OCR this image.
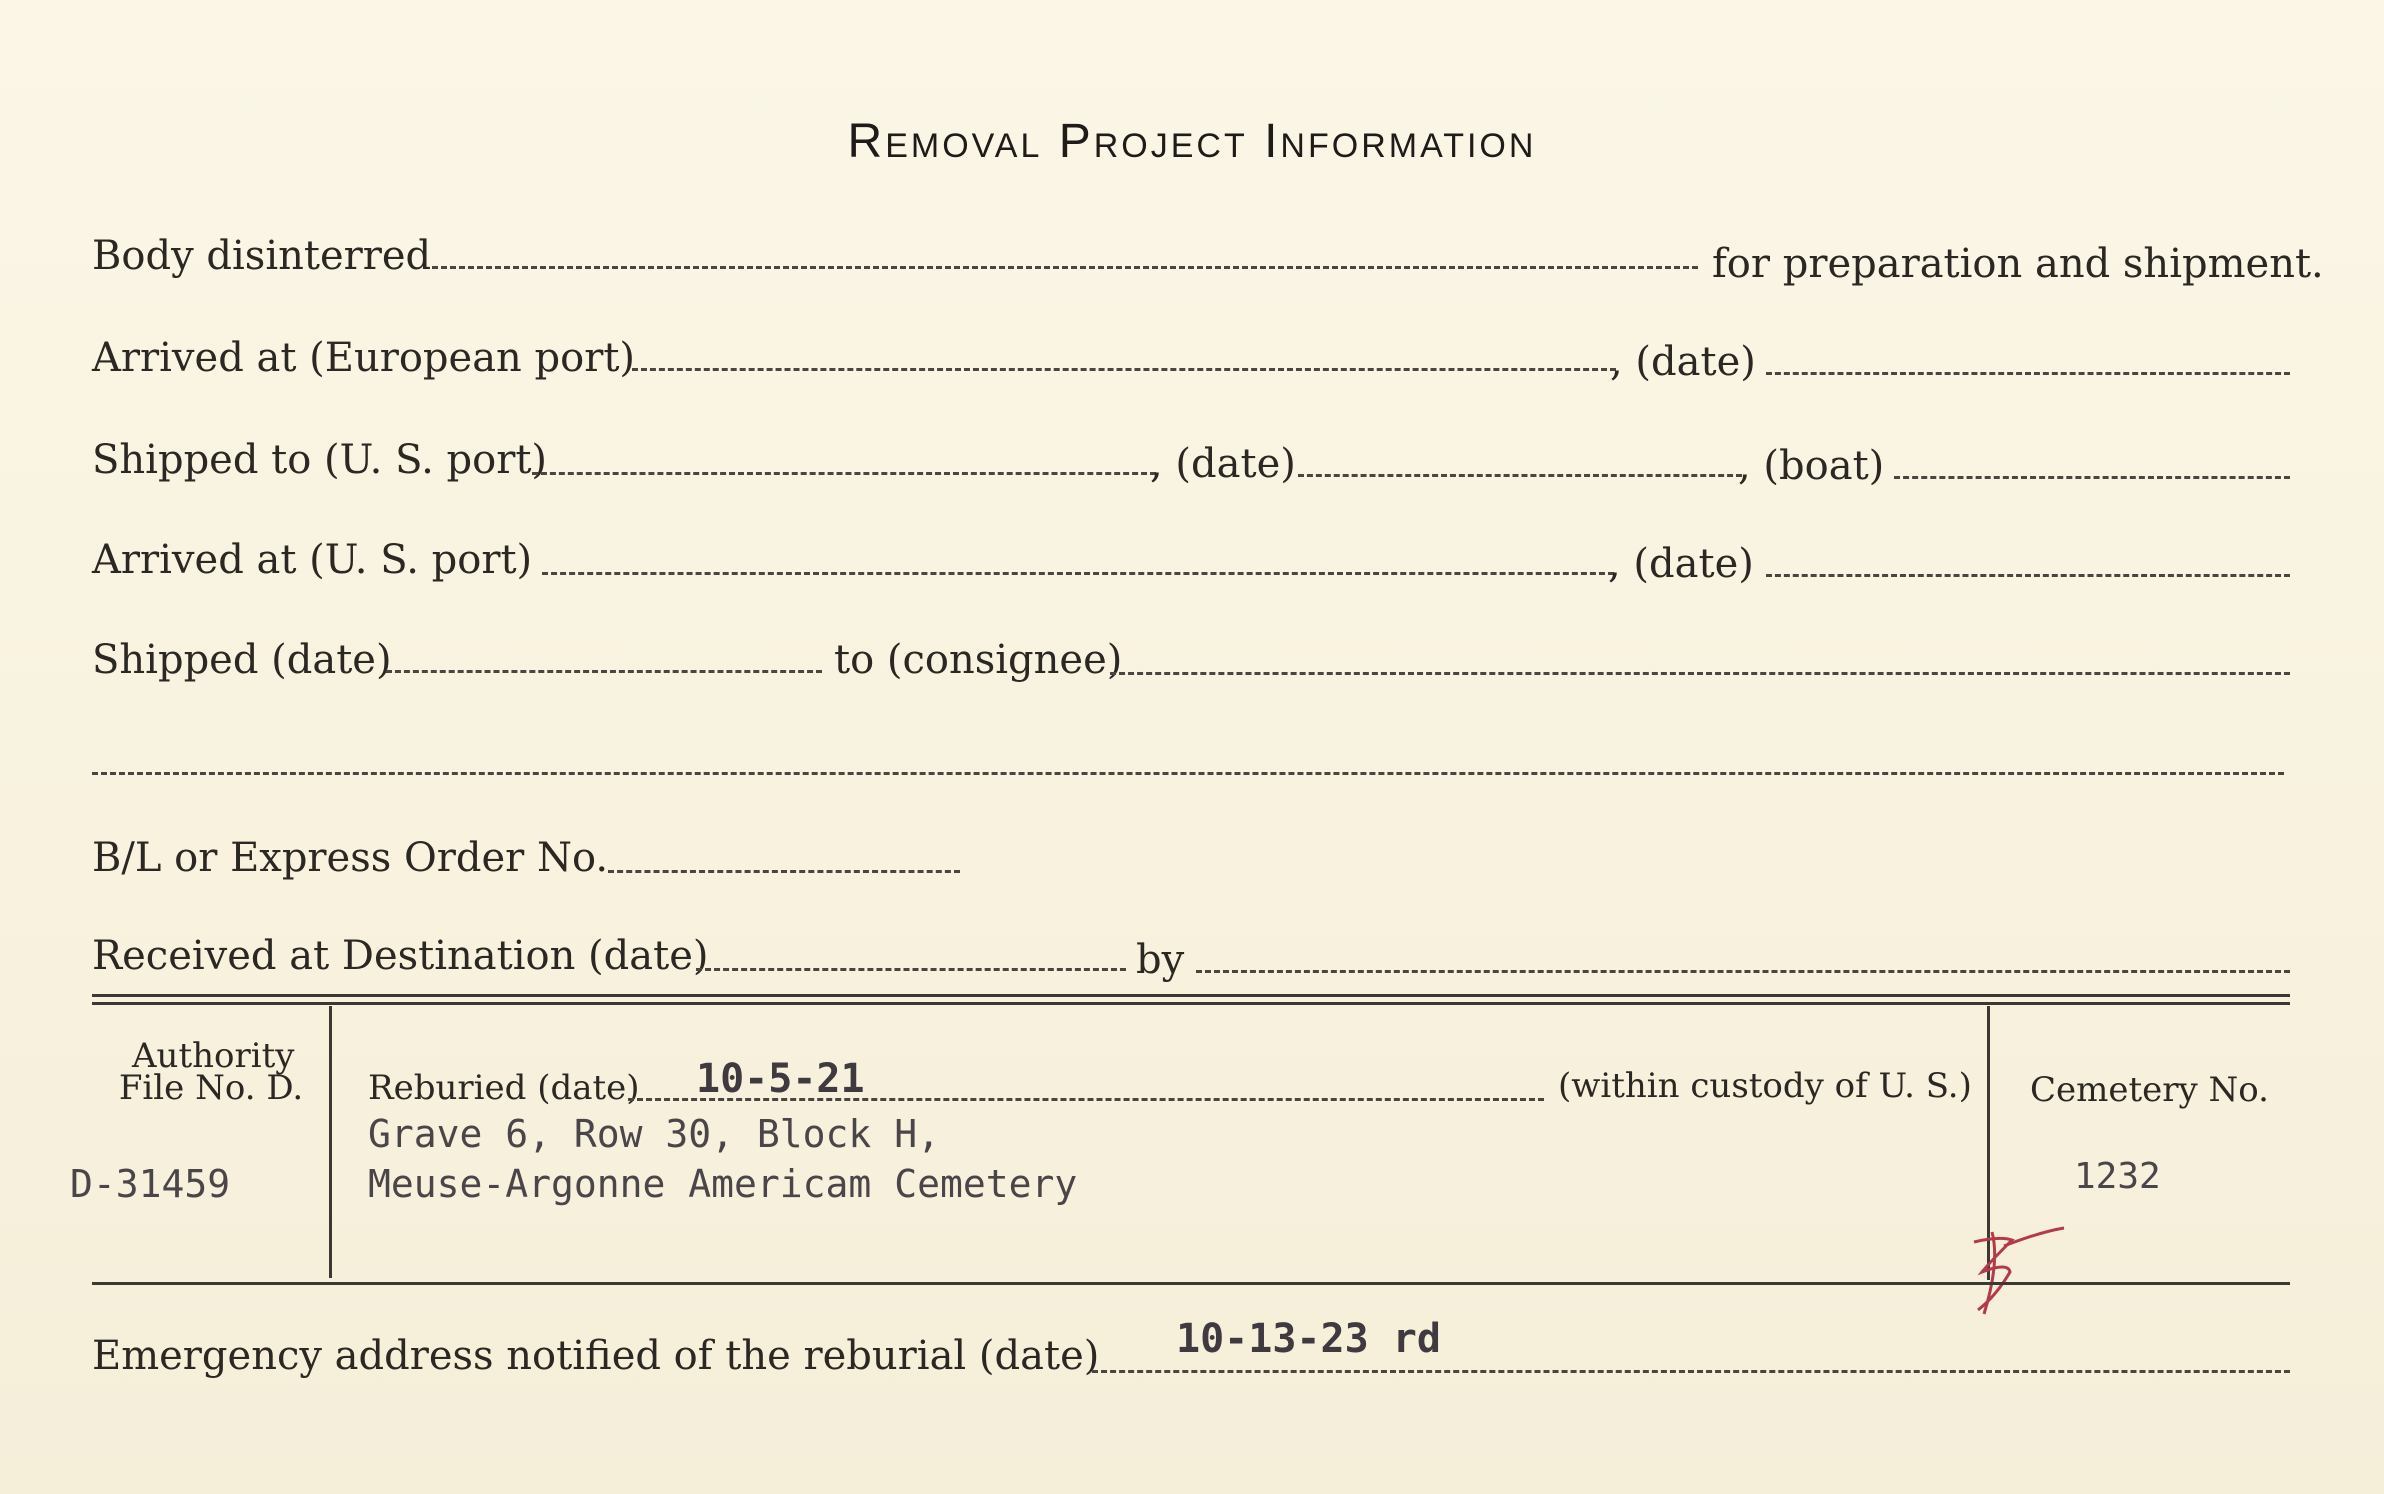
Removal Project Information
Body disinterred	for preparation and shipment.
Arrived at (European port)	, (date)
Shipped to (U. S. port)	, (date)	, (boat)
Arrived at (U. S. port)	, (date)
Shipped (date)	to (consignee)
B/L or Express Order No.
Received at Destination (date)	by
Authority
File No. D.
D-31459
Reburied (date) 10-5-21	(within custody of U. S.)
Grave 6, Row 30, Block H,
Meuse-Argonne Americam Cemetery
Cemetery No.
1232
Emergency address notified of the reburial (date) 10-13-23 rd
